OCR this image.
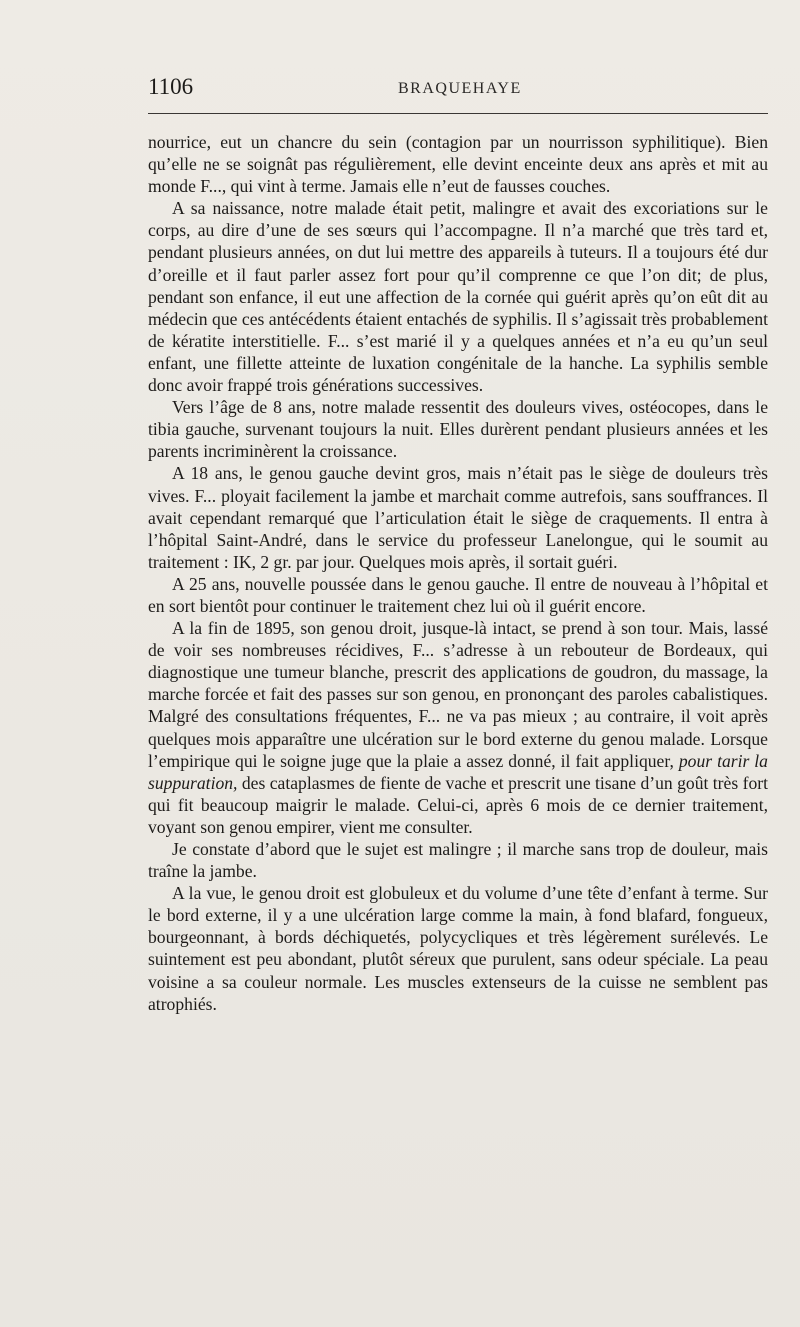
1106	BRAQUEHAYE

nourrice, eut un chancre du sein (contagion par un nourrisson syphilitique). Bien qu’elle ne se soignât pas régulièrement, elle devint enceinte deux ans après et mit au monde F..., qui vint à terme. Jamais elle n’eut de fausses couches.

A sa naissance, notre malade était petit, malingre et avait des excoriations sur le corps, au dire d’une de ses sœurs qui l’accompagne. Il n’a marché que très tard et, pendant plusieurs années, on dut lui mettre des appareils à tuteurs. Il a toujours été dur d’oreille et il faut parler assez fort pour qu’il comprenne ce que l’on dit; de plus, pendant son enfance, il eut une affection de la cornée qui guérit après qu’on eût dit au médecin que ces antécédents étaient entachés de syphilis. Il s’agissait très probablement de kératite interstitielle. F... s’est marié il y a quelques années et n’a eu qu’un seul enfant, une fillette atteinte de luxation congénitale de la hanche. La syphilis semble donc avoir frappé trois générations successives.

Vers l’âge de 8 ans, notre malade ressentit des douleurs vives, ostéocopes, dans le tibia gauche, survenant toujours la nuit. Elles durèrent pendant plusieurs années et les parents incriminèrent la croissance.

A 18 ans, le genou gauche devint gros, mais n’était pas le siège de douleurs très vives. F... ployait facilement la jambe et marchait comme autrefois, sans souffrances. Il avait cependant remarqué que l’articulation était le siège de craquements. Il entra à l’hôpital Saint-André, dans le service du professeur Lanelongue, qui le soumit au traitement : IK, 2 gr. par jour. Quelques mois après, il sortait guéri.

A 25 ans, nouvelle poussée dans le genou gauche. Il entre de nouveau à l’hôpital et en sort bientôt pour continuer le traitement chez lui où il guérit encore.

A la fin de 1895, son genou droit, jusque-là intact, se prend à son tour. Mais, lassé de voir ses nombreuses récidives, F... s’adresse à un rebouteur de Bordeaux, qui diagnostique une tumeur blanche, prescrit des applications de goudron, du massage, la marche forcée et fait des passes sur son genou, en prononçant des paroles cabalistiques. Malgré des consultations fréquentes, F... ne va pas mieux ; au contraire, il voit après quelques mois apparaître une ulcération sur le bord externe du genou malade. Lorsque l’empirique qui le soigne juge que la plaie a assez donné, il fait appliquer, pour tarir la suppuration, des cataplasmes de fiente de vache et prescrit une tisane d’un goût très fort qui fit beaucoup maigrir le malade. Celui-ci, après 6 mois de ce dernier traitement, voyant son genou empirer, vient me consulter.

Je constate d’abord que le sujet est malingre ; il marche sans trop de douleur, mais traîne la jambe.

A la vue, le genou droit est globuleux et du volume d’une tête d’enfant à terme. Sur le bord externe, il y a une ulcération large comme la main, à fond blafard, fongueux, bourgeonnant, à bords déchiquetés, polycycliques et très légèrement surélevés. Le suintement est peu abondant, plutôt séreux que purulent, sans odeur spéciale. La peau voisine a sa couleur normale. Les muscles extenseurs de la cuisse ne semblent pas atrophiés.
